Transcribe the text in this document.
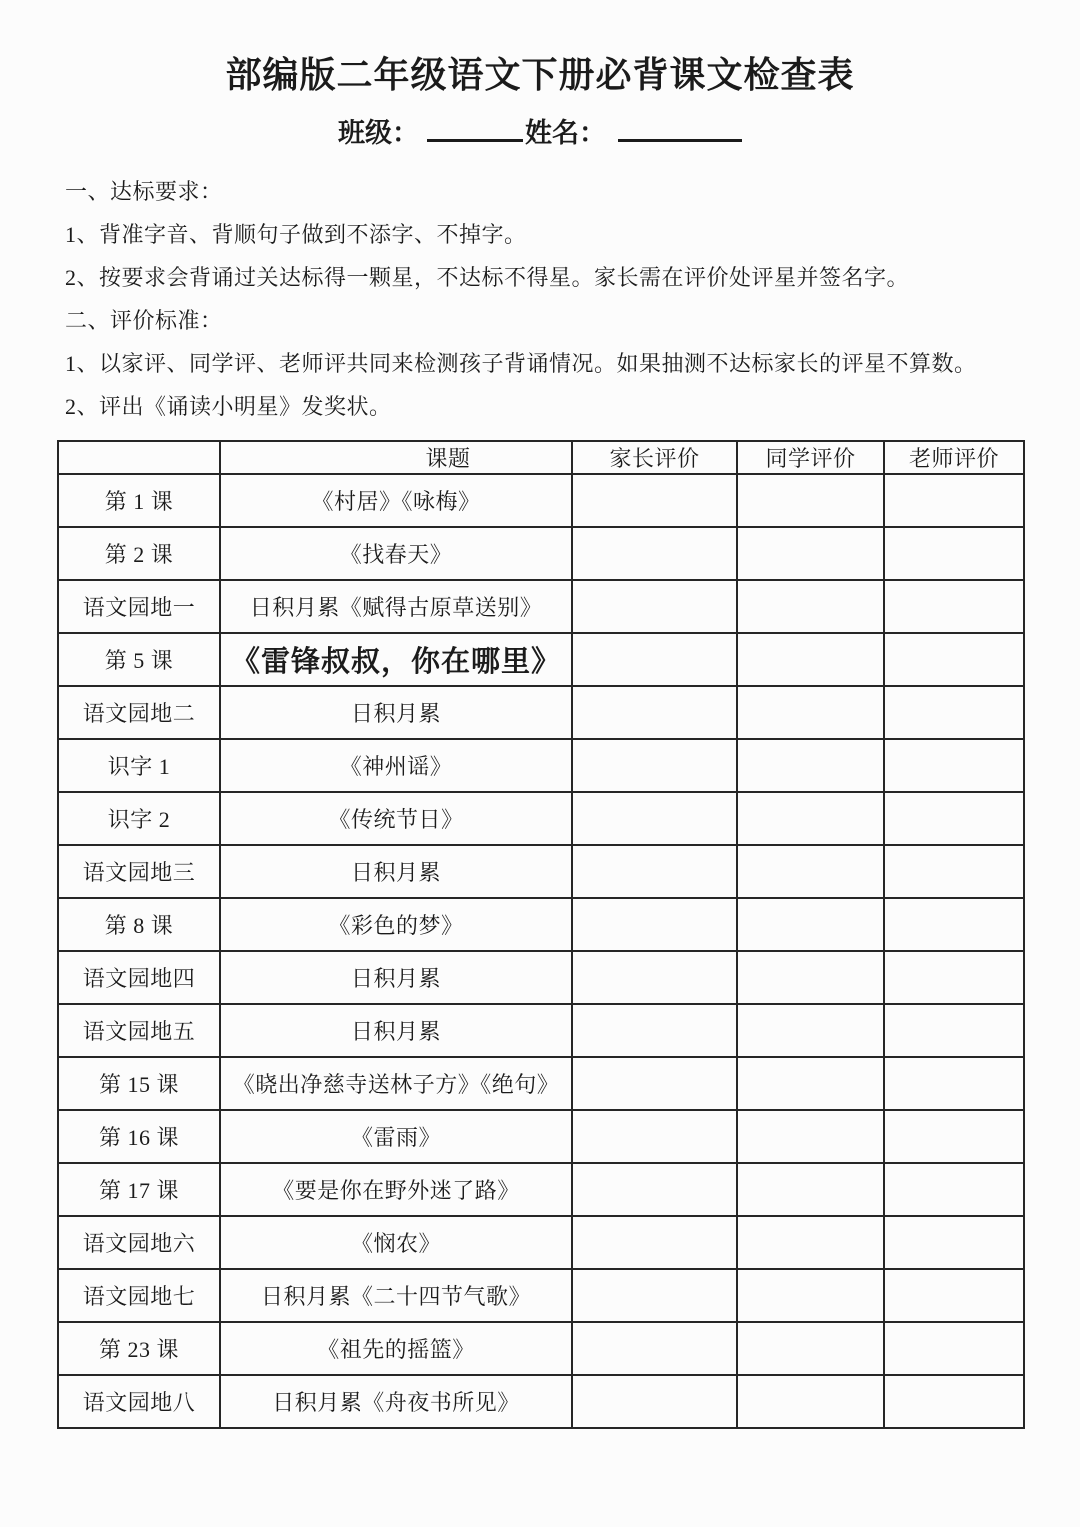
部编版二年级语文下册必背课文检查表
班级：	姓名：

一、达标要求：

1、背准字音、背顺句子做到不添字、不掉字。

2、按要求会背诵过关达标得一颗星，不达标不得星。家长需在评价处评星并签名字。

二、评价标准：

1、以家评、同学评、老师评共同来检测孩子背诵情况。如果抽测不达标家长的评星不算数。

2、评出《诵读小明星》发奖状。

	课题	家长评价	同学评价	老师评价
第 1 课	《村居》《咏梅》			
第 2 课	《找春天》			
语文园地一	日积月累《赋得古原草送别》			
第 5 课	《雷锋叔叔，你在哪里》			
语文园地二	日积月累			
识字 1	《神州谣》			
识字 2	《传统节日》			
语文园地三	日积月累			
第 8 课	《彩色的梦》			
语文园地四	日积月累			
语文园地五	日积月累			
第 15 课	《晓出净慈寺送林子方》《绝句》			
第 16 课	《雷雨》			
第 17 课	《要是你在野外迷了路》			
语文园地六	《悯农》			
语文园地七	日积月累《二十四节气歌》			
第 23 课	《祖先的摇篮》			
语文园地八	日积月累《舟夜书所见》			
